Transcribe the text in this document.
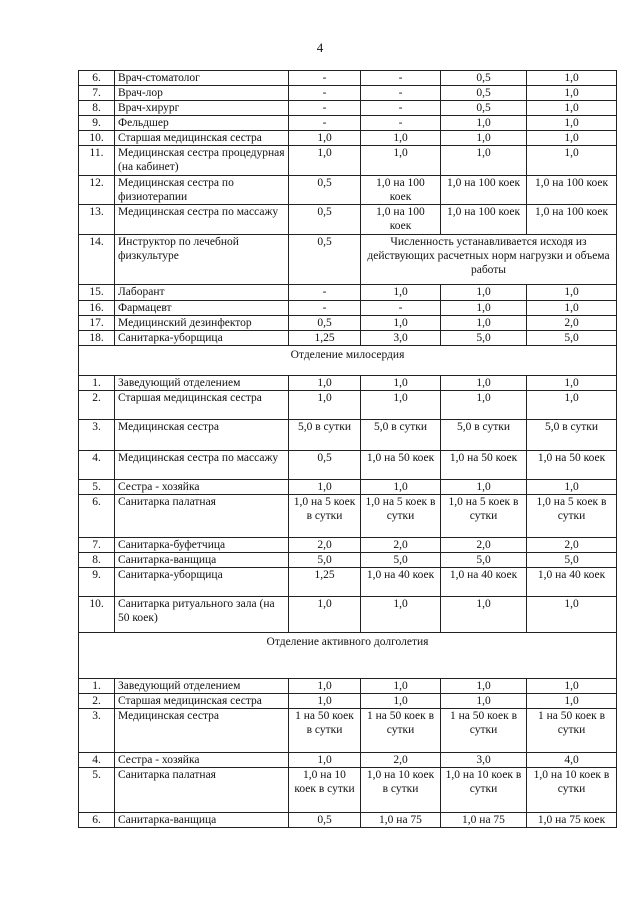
4
6.	Врач-стоматолог	-	-	0,5	1,0
7.	Врач-лор	-	-	0,5	1,0
8.	Врач-хирург	-	-	0,5	1,0
9.	Фельдшер	-	-	1,0	1,0
10.	Старшая медицинская сестра	1,0	1,0	1,0	1,0
11.	Медицинская сестра процедурная (на кабинет)	1,0	1,0	1,0	1,0
12.	Медицинская сестра по физиотерапии	0,5	1,0 на 100 коек	1,0 на 100 коек	1,0 на 100 коек
13.	Медицинская сестра по массажу	0,5	1,0 на 100 коек	1,0 на 100 коек	1,0 на 100 коек
14.	Инструктор по лечебной физкультуре	0,5	Численность устанавливается исходя из действующих расчетных норм нагрузки и объема работы		
15.	Лаборант	-	1,0	1,0	1,0
16.	Фармацевт	-	-	1,0	1,0
17.	Медицинский дезинфектор	0,5	1,0	1,0	2,0
18.	Санитарка-уборщица	1,25	3,0	5,0	5,0
Отделение милосердия					
1.	Заведующий отделением	1,0	1,0	1,0	1,0
2.	Старшая медицинская сестра	1,0	1,0	1,0	1,0
3.	Медицинская сестра	5,0 в сутки	5,0 в сутки	5,0 в сутки	5,0 в сутки
4.	Медицинская сестра по массажу	0,5	1,0 на 50 коек	1,0 на 50 коек	1,0 на 50 коек
5.	Сестра - хозяйка	1,0	1,0	1,0	1,0
6.	Санитарка палатная	1,0 на 5 коек в сутки	1,0 на 5 коек в сутки	1,0 на 5 коек в сутки	1,0 на 5 коек в сутки
7.	Санитарка-буфетчица	2,0	2,0	2,0	2,0
8.	Санитарка-ванщица	5,0	5,0	5,0	5,0
9.	Санитарка-уборщица	1,25	1,0 на 40 коек	1,0 на 40 коек	1,0 на 40 коек
10.	Санитарка ритуального зала (на 50 коек)	1,0	1,0	1,0	1,0
Отделение активного долголетия					
1.	Заведующий отделением	1,0	1,0	1,0	1,0
2.	Старшая медицинская сестра	1,0	1,0	1,0	1,0
3.	Медицинская сестра	1 на 50 коек в сутки	1 на 50 коек в сутки	1 на 50 коек в сутки	1 на 50 коек в сутки
4.	Сестра - хозяйка	1,0	2,0	3,0	4,0
5.	Санитарка палатная	1,0 на 10 коек в сутки	1,0 на 10 коек в сутки	1,0 на 10 коек в сутки	1,0 на 10 коек в сутки
6.	Санитарка-ванщица	0,5	1,0 на 75	1,0 на 75	1,0 на 75 коек
